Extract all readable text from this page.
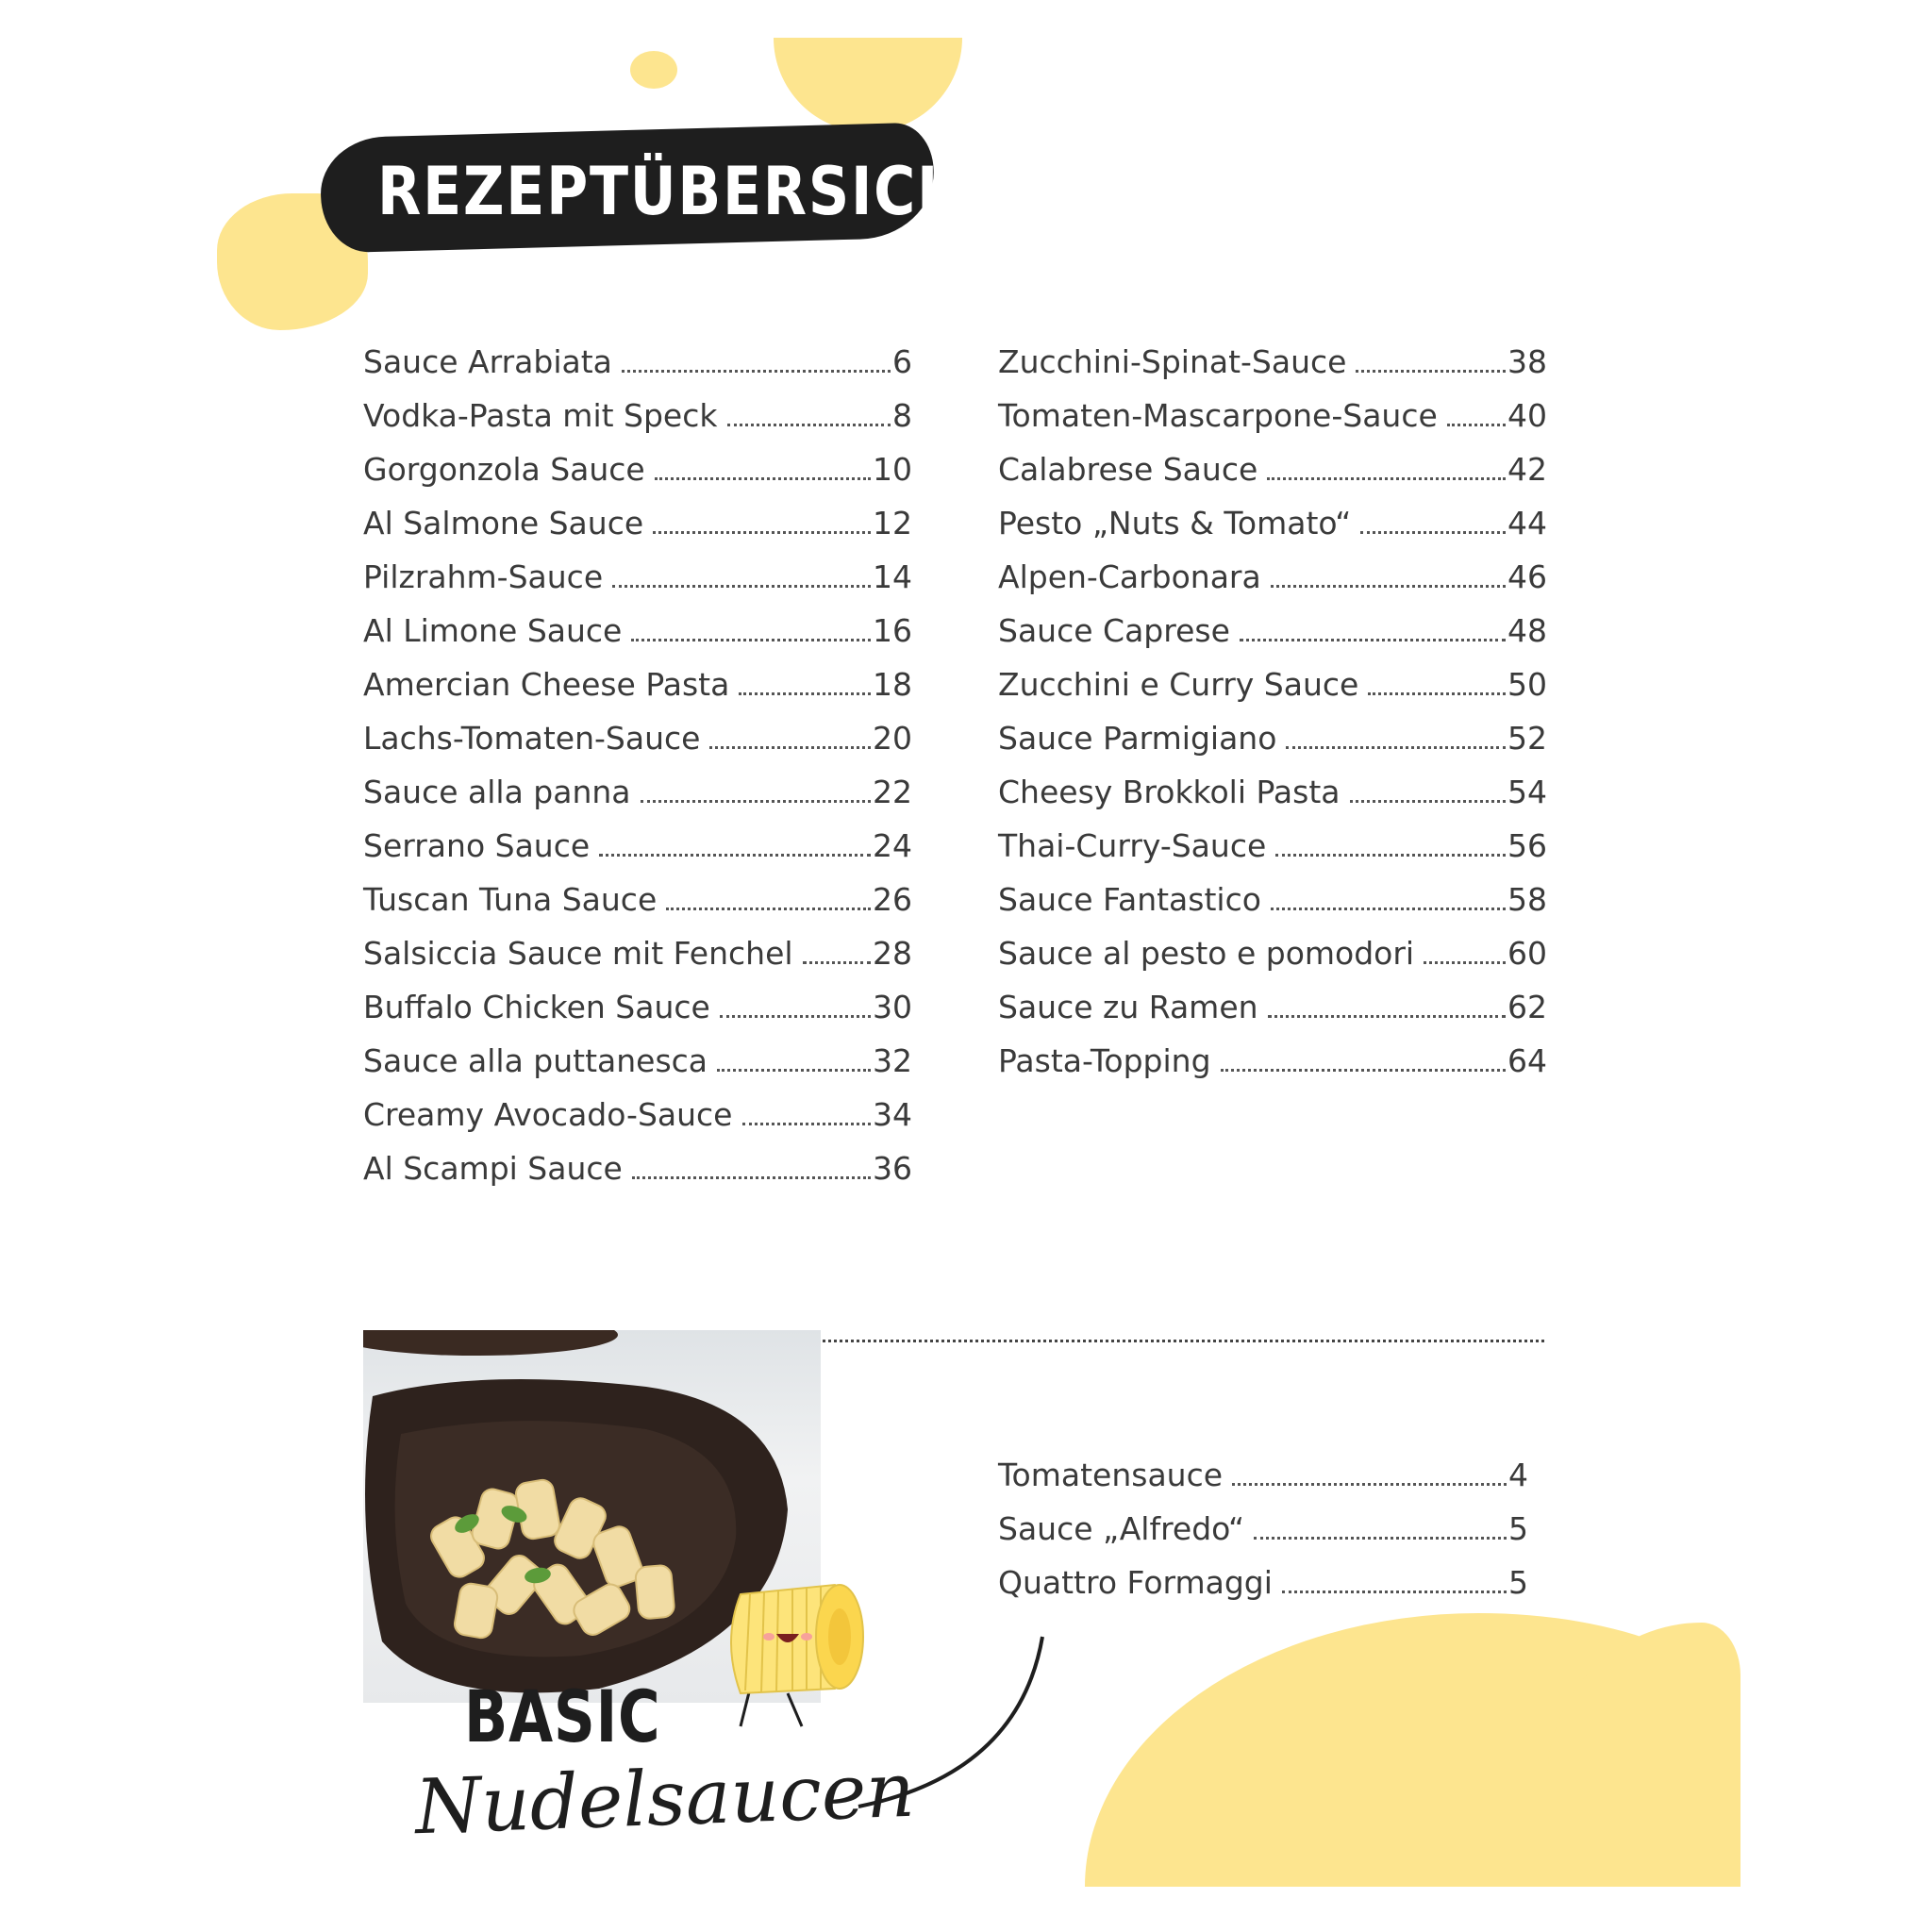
REZEPTÜBERSICHT
Sauce Arrabiata	6
Vodka-Pasta mit Speck	8
Gorgonzola Sauce	10
Al Salmone Sauce	12
Pilzrahm-Sauce	14
Al Limone Sauce	16
Amercian Cheese Pasta	18
Lachs-Tomaten-Sauce	20
Sauce alla panna	22
Serrano Sauce	24
Tuscan Tuna Sauce	26
Salsiccia Sauce mit Fenchel	28
Buffalo Chicken Sauce	30
Sauce alla puttanesca	32
Creamy Avocado-Sauce	34
Al Scampi Sauce	36
Zucchini-Spinat-Sauce	38
Tomaten-Mascarpone-Sauce	40
Calabrese Sauce	42
Pesto „Nuts & Tomato“	44
Alpen-Carbonara	46
Sauce Caprese	48
Zucchini e Curry Sauce	50
Sauce Parmigiano	52
Cheesy Brokkoli Pasta	54
Thai-Curry-Sauce	56
Sauce Fantastico	58
Sauce al pesto e pomodori	60
Sauce zu Ramen	62
Pasta-Topping	64
BASIC
Nudelsaucen
Tomatensauce	4
Sauce „Alfredo“	5
Quattro Formaggi	5
